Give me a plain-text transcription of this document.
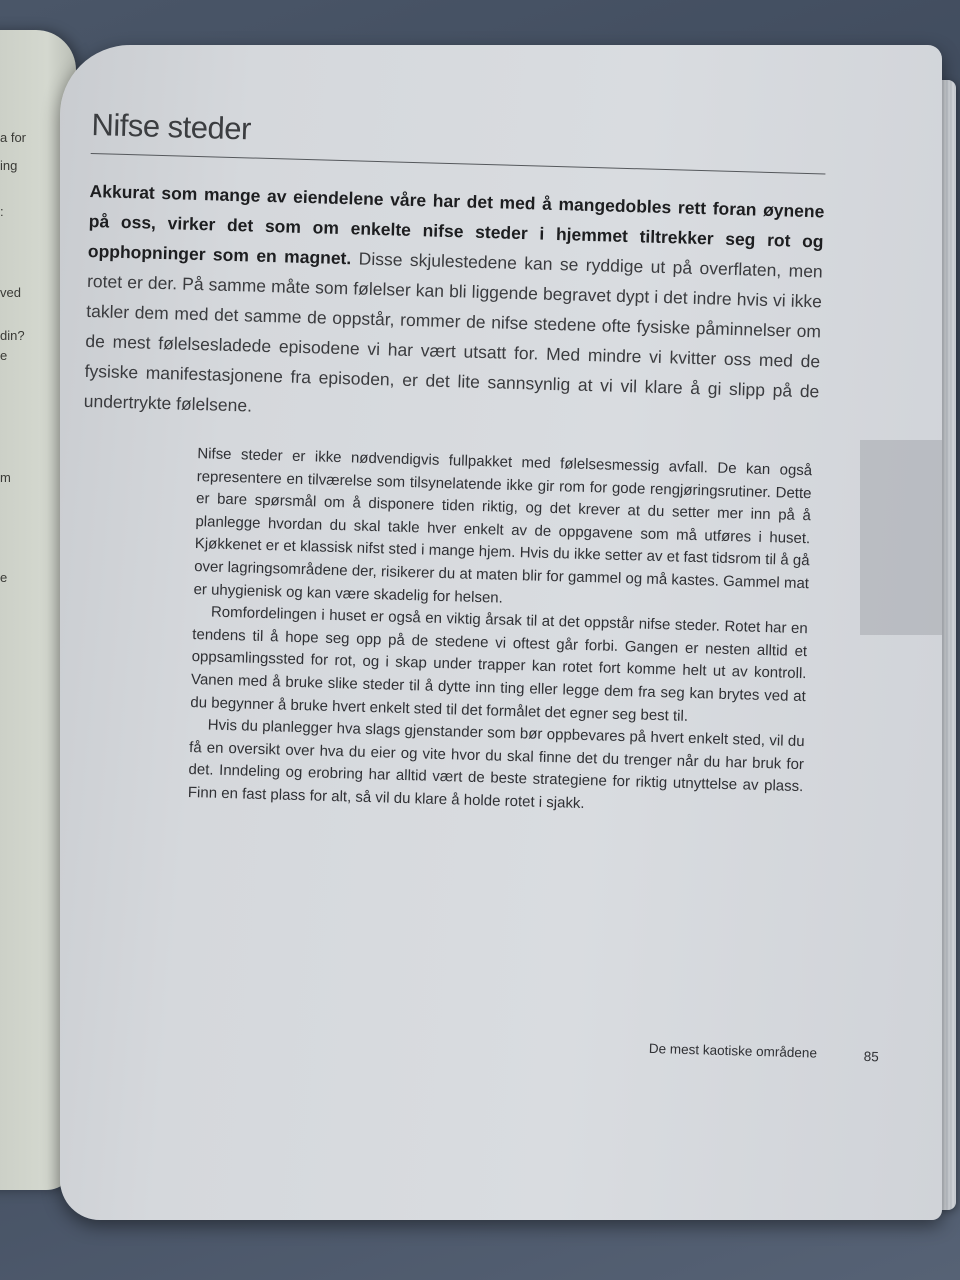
a for
ing
:
ved
din?
e
m
e
Nifse steder

Akkurat som mange av eiendelene våre har det med å mangedobles rett foran øynene på oss, virker det som om enkelte nifse steder i hjemmet tiltrekker seg rot og opphopninger som en magnet. Disse skjulestedene kan se ryddige ut på overflaten, men rotet er der. På samme måte som følelser kan bli liggende begravet dypt i det indre hvis vi ikke takler dem med det samme de oppstår, rommer de nifse stedene ofte fysiske påminnelser om de mest følelsesladede episodene vi har vært utsatt for. Med mindre vi kvitter oss med de fysiske manifestasjonene fra episoden, er det lite sannsynlig at vi vil klare å gi slipp på de undertrykte følelsene.

Nifse steder er ikke nødvendigvis fullpakket med følelsesmessig avfall. De kan også representere en tilværelse som tilsynelatende ikke gir rom for gode rengjøringsrutiner. Dette er bare spørsmål om å disponere tiden riktig, og det krever at du setter mer inn på å planlegge hvordan du skal takle hver enkelt av de oppgavene som må utføres i huset. Kjøkkenet er et klassisk nifst sted i mange hjem. Hvis du ikke setter av et fast tidsrom til å gå over lagringsområdene der, risikerer du at maten blir for gammel og må kastes. Gammel mat er uhygienisk og kan være skadelig for helsen.

Romfordelingen i huset er også en viktig årsak til at det oppstår nifse steder. Rotet har en tendens til å hope seg opp på de stedene vi oftest går forbi. Gangen er nesten alltid et oppsamlingssted for rot, og i skap under trapper kan rotet fort komme helt ut av kontroll. Vanen med å bruke slike steder til å dytte inn ting eller legge dem fra seg kan brytes ved at du begynner å bruke hvert enkelt sted til det formålet det egner seg best til.

Hvis du planlegger hva slags gjenstander som bør oppbevares på hvert enkelt sted, vil du få en oversikt over hva du eier og vite hvor du skal finne det du trenger når du har bruk for det. Inndeling og erobring har alltid vært de beste strategiene for riktig utnyttelse av plass. Finn en fast plass for alt, så vil du klare å holde rotet i sjakk.

De mest kaotiske områdene	85
